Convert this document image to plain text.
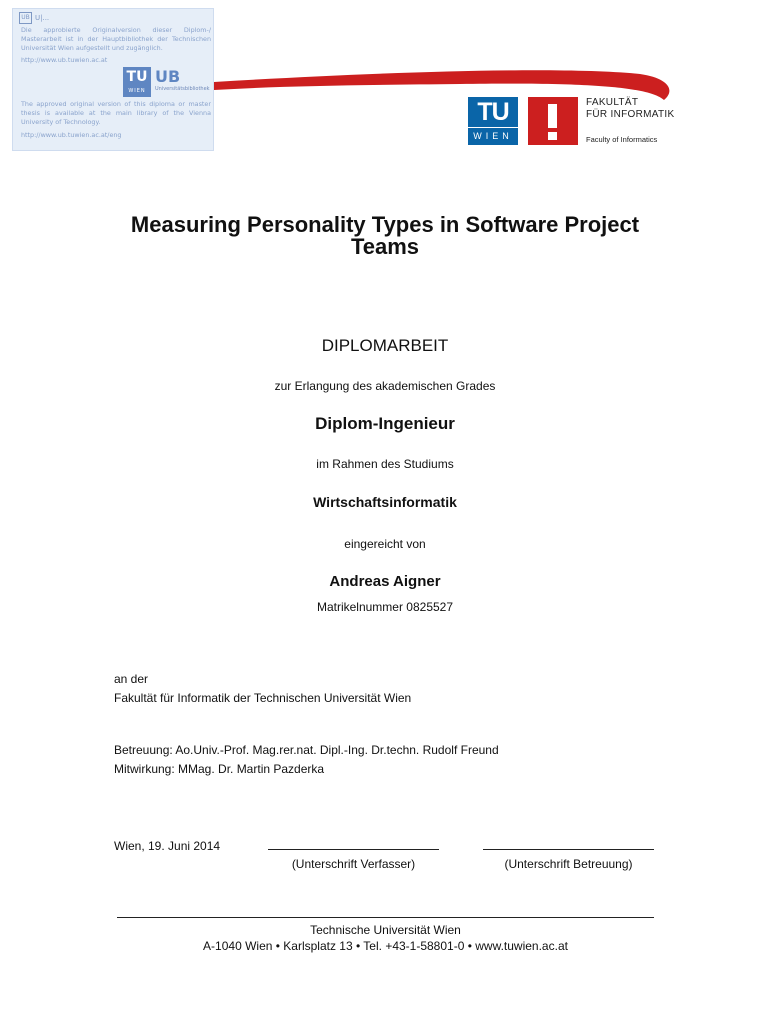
UB U|...
Die approbierte Originalversion dieser Diplom-/ Masterarbeit ist in der Hauptbibliothek der Technischen Universität Wien aufgestellt und zugänglich.
http://www.ub.tuwien.ac.at
TU
WIEN
UB
Universitätsbibliothek
The approved original version of this diploma or master thesis is available at the main library of the Vienna University of Technology.
http://www.ub.tuwien.ac.at/eng
TU
WIEN
FAKULTÄT
FÜR INFORMATIK
Faculty of Informatics
Measuring Personality Types in Software Project Teams
DIPLOMARBEIT
zur Erlangung des akademischen Grades
Diplom-Ingenieur
im Rahmen des Studiums
Wirtschaftsinformatik
eingereicht von
Andreas Aigner
Matrikelnummer 0825527
an der
Fakultät für Informatik der Technischen Universität Wien
Betreuung: Ao.Univ.-Prof. Mag.rer.nat. Dipl.-Ing. Dr.techn. Rudolf Freund
Mitwirkung: MMag. Dr. Martin Pazderka
Wien, 19. Juni 2014
(Unterschrift Verfasser)	(Unterschrift Betreuung)
Technische Universität Wien
A-1040 Wien • Karlsplatz 13 • Tel. +43-1-58801-0 • www.tuwien.ac.at
